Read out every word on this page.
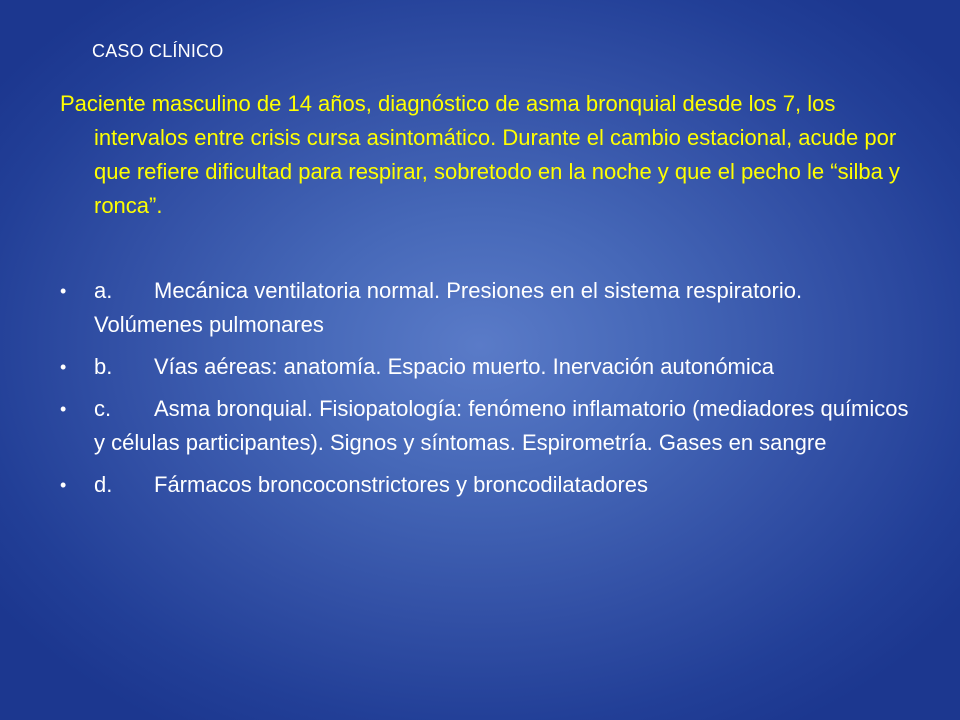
CASO CLÍNICO

Paciente masculino de 14 años, diagnóstico de asma bronquial desde los 7, los intervalos entre crisis cursa asintomático. Durante el cambio estacional, acude por que refiere dificultad para respirar, sobretodo en la noche y que el pecho le “silba y ronca”.

•	a. Mecánica ventilatoria normal. Presiones en el sistema respiratorio. Volúmenes pulmonares
•	b. Vías aéreas: anatomía. Espacio muerto. Inervación autonómica
•	c. Asma bronquial. Fisiopatología: fenómeno inflamatorio (mediadores químicos y células participantes). Signos y síntomas. Espirometría. Gases en sangre
•	d. Fármacos broncoconstrictores y broncodilatadores
